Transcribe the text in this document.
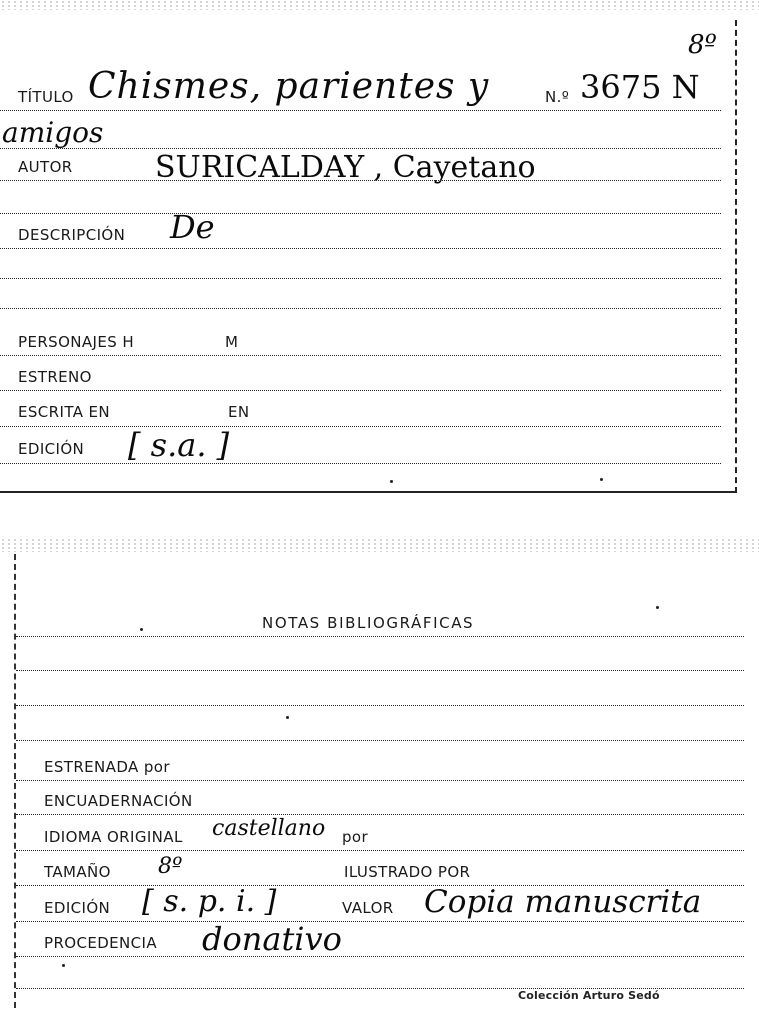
8º
TÍTULO Chismes, parientes y	N.º 3675 N
amigos
AUTOR	SURICALDAY , Cayetano
DESCRIPCIÓN De
PERSONAJES H	M
ESTRENO
ESCRITA EN	EN
EDICIÓN [ s.a. ]
NOTAS BIBLIOGRÁFICAS
ESTRENADA por
ENCUADERNACIÓN
IDIOMA ORIGINAL castellano por
TAMAÑO 8º	ILUSTRADO POR
EDICIÓN [ s. p. i. ]	VALOR Copia manuscrita
PROCEDENCIA donativo
Colección Arturo Sedó
